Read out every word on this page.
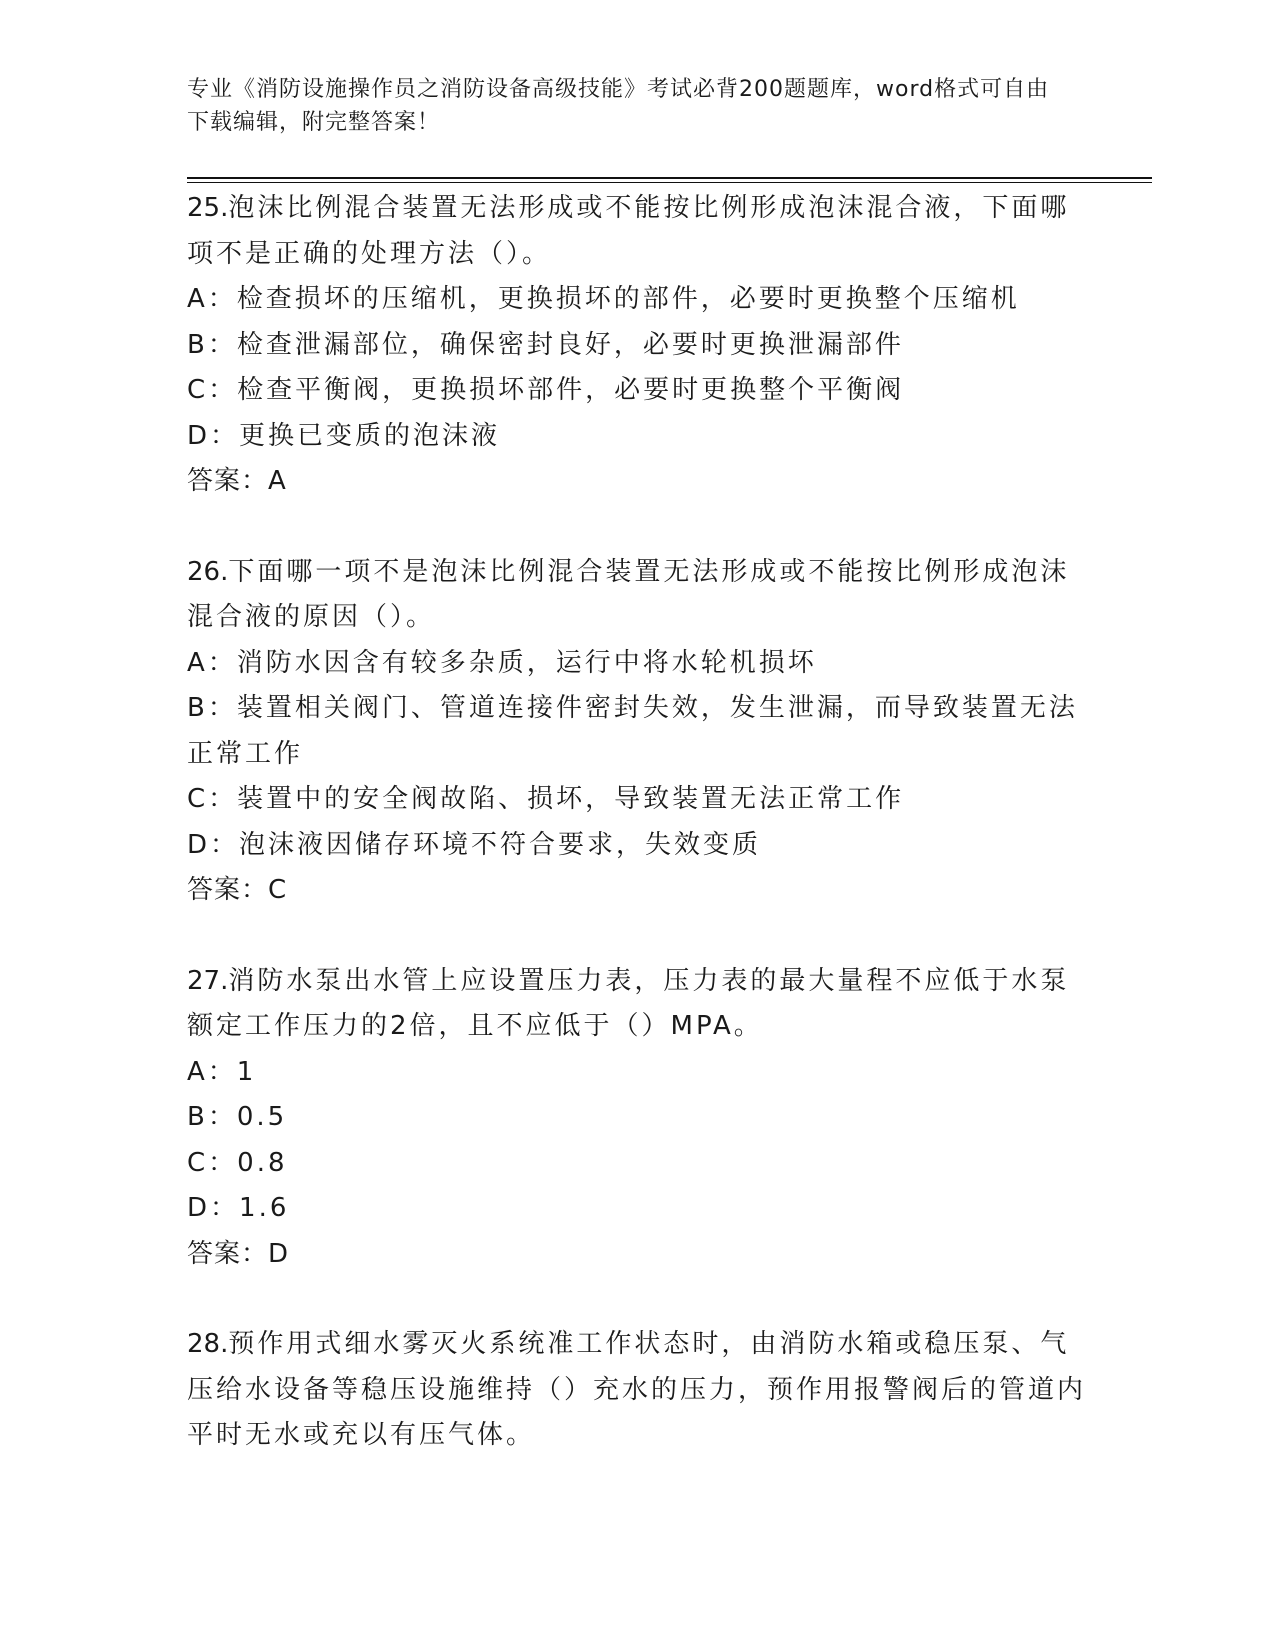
专业《消防设施操作员之消防设备高级技能》考试必背200题题库，word格式可自由下载编辑，附完整答案！
25.泡沫比例混合装置无法形成或不能按比例形成泡沫混合液，下面哪项不是正确的处理方法（）。
A：检查损坏的压缩机，更换损坏的部件，必要时更换整个压缩机
B：检查泄漏部位，确保密封良好，必要时更换泄漏部件
C：检查平衡阀，更换损坏部件，必要时更换整个平衡阀
D：更换已变质的泡沫液
答案：A
26.下面哪一项不是泡沫比例混合装置无法形成或不能按比例形成泡沫混合液的原因（）。
A：消防水因含有较多杂质，运行中将水轮机损坏
B：装置相关阀门、管道连接件密封失效，发生泄漏，而导致装置无法正常工作
C：装置中的安全阀故陷、损坏，导致装置无法正常工作
D：泡沫液因储存环境不符合要求，失效变质
答案：C
27.消防水泵出水管上应设置压力表，压力表的最大量程不应低于水泵额定工作压力的2倍，且不应低于（）MPA。
A：1
B：0.5
C：0.8
D：1.6
答案：D
28.预作用式细水雾灭火系统准工作状态时，由消防水箱或稳压泵、气压给水设备等稳压设施维持（）充水的压力，预作用报警阀后的管道内平时无水或充以有压气体。
